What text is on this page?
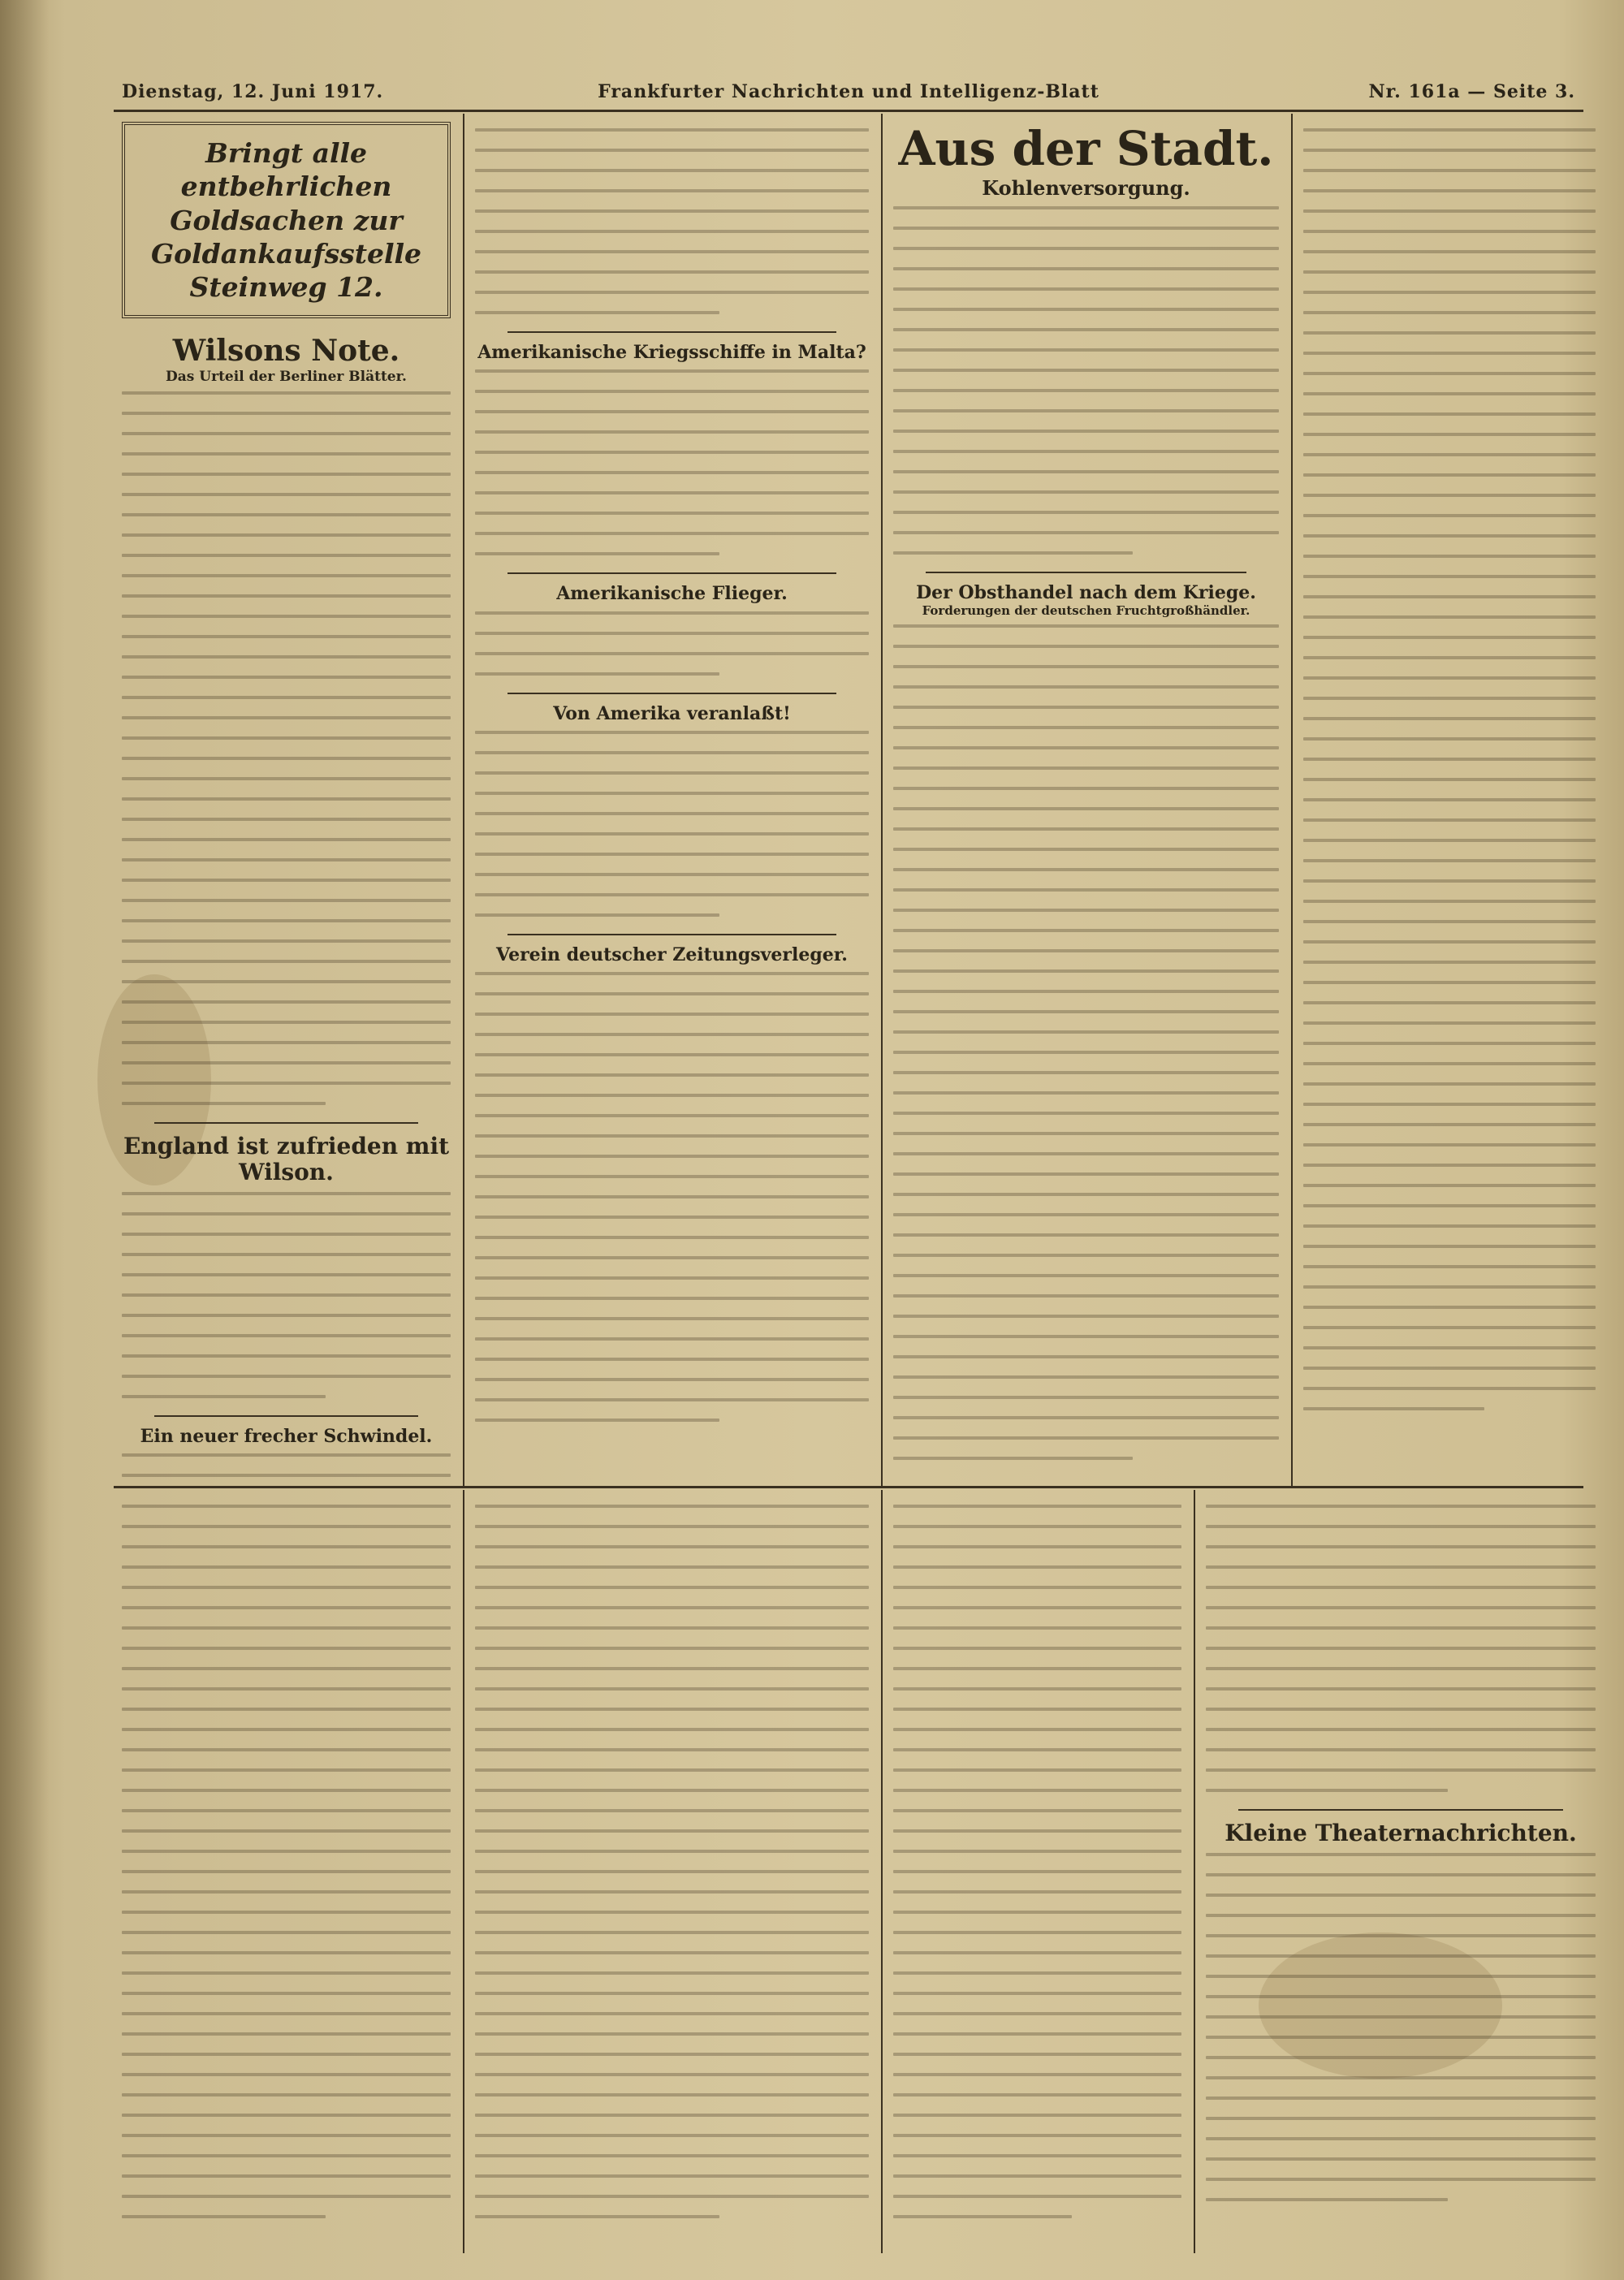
Dienstag, 12. Juni 1917.	Frankfurter Nachrichten und Intelligenz-Blatt	Nr. 161a — Seite 3.
Bringt alle entbehrlichen Goldsachen zur Goldankaufsstelle Steinweg 12.

Wilsons Note.

Das Urteil der Berliner Blätter.

England ist zufrieden mit Wilson.

Ein neuer frecher Schwindel.

Amerikanische Kriegsschiffe in Malta?

Amerikanische Flieger.

Von Amerika veranlaßt!

Verein deutscher Zeitungsverleger.

Aus der Stadt.

Kohlenversorgung.

Der Obsthandel nach dem Kriege.

Forderungen der deutschen Fruchtgroßhändler.

Kleine Theaternachrichten.
